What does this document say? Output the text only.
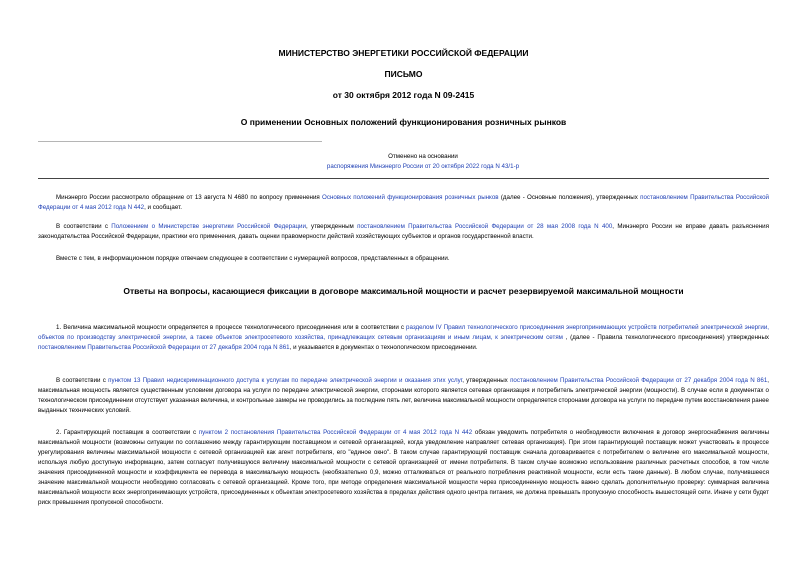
МИНИСТЕРСТВО ЭНЕРГЕТИКИ РОССИЙСКОЙ ФЕДЕРАЦИИ
ПИСЬМО
от 30 октября 2012 года N 09-2415
О применении Основных положений функционирования розничных рынков
Отменено на основании
распоряжения Минэнерго России от 20 октября 2022 года N 43/1-р
Минэнерго России рассмотрело обращение от 13 августа N 4680 по вопросу применения Основных положений функционирования розничных рынков (далее - Основные положения), утвержденных постановлением Правительства Российской Федерации от 4 мая 2012 года N 442, и сообщает.
В соответствии с Положением о Министерстве энергетики Российской Федерации, утвержденным постановлением Правительства Российской Федерации от 28 мая 2008 года N 400, Минэнерго России не вправе давать разъяснения законодательства Российской Федерации, практики его применения, давать оценки правомерности действий хозяйствующих субъектов и органов государственной власти.
Вместе с тем, в информационном порядке отвечаем следующее в соответствии с нумерацией вопросов, представленных в обращении.
Ответы на вопросы, касающиеся фиксации в договоре максимальной мощности и расчет резервируемой максимальной мощности
1. Величина максимальной мощности определяется в процессе технологического присоединения или в соответствии с разделом IV Правил технологического присоединения энергопринимающих устройств потребителей электрической энергии, объектов по производству электрической энергии, а также объектов электросетевого хозяйства, принадлежащих сетевым организациям и иным лицам, к электрическим сетям , (далее - Правила технологического присоединения) утвержденных постановлением Правительства Российской Федерации от 27 декабря 2004 года N 861, и указывается в документах о технологическом присоединении.
В соответствии с пунктом 13 Правил недискриминационного доступа к услугам по передаче электрической энергии и оказания этих услуг, утвержденных постановлением Правительства Российской Федерации от 27 декабря 2004 года N 861, максимальная мощность является существенным условием договора на услуги по передаче электрической энергии, сторонами которого является сетевая организация и потребитель электрической энергии (мощности). В случае если в документах о технологическом присоединении отсутствует указанная величина, и контрольные замеры не проводились за последние пять лет, величина максимальной мощности определяется сторонами договора на услуги по передаче путем восстановления ранее выданных технических условий.
2. Гарантирующий поставщик в соответствии с пунктом 2 постановления Правительства Российской Федерации от 4 мая 2012 года N 442 обязан уведомить потребителя о необходимости включения в договор энергоснабжения величины максимальной мощности (возможны ситуации по соглашению между гарантирующим поставщиком и сетевой организацией, когда уведомление направляет сетевая организация). При этом гарантирующий поставщик может участвовать в процессе урегулирования величины максимальной мощности с сетевой организацией как агент потребителя, его "единое окно". В таком случае гарантирующий поставщик сначала договаривается с потребителем о величине его максимальной мощности, используя любую доступную информацию, затем согласует получившуюся величину максимальной мощности с сетевой организацией от имени потребителя. В таком случае возможно использование различных расчетных способов, в том числе значения присоединенной мощности и коэффициента ее перевода в максимальную мощность (необязательно 0,9, можно отталкиваться от реального потребления реактивной мощности, если есть такие данные). В любом случае, получившееся значение максимальной мощности необходимо согласовать с сетевой организацией. Кроме того, при методе определения максимальной мощности через присоединенную мощность важно сделать дополнительную проверку: суммарная величина максимальной мощности всех энергопринимающих устройств, присоединенных к объектам электросетевого хозяйства в пределах действия одного центра питания, не должна превышать пропускную способность вышестоящей сети. Иначе у сети будет риск превышения пропускной способности.
